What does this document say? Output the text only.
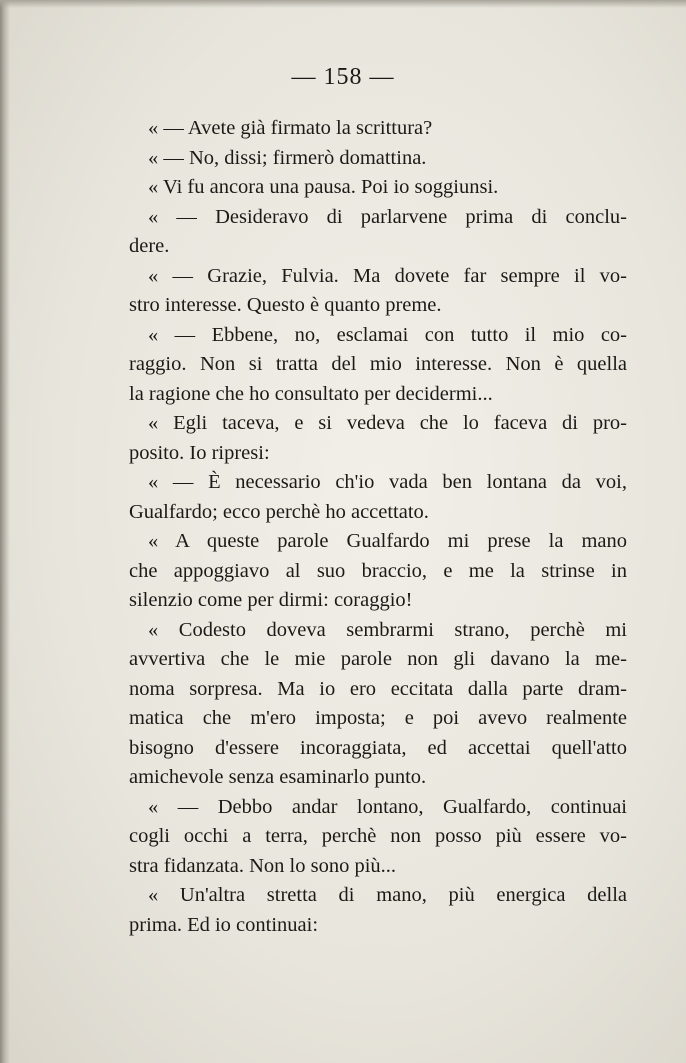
— 158 —
« — Avete già firmato la scrittura?
« — No, dissi; firmerò domattina.
« Vi fu ancora una pausa. Poi io soggiunsi.
« — Desideravo di parlarvene prima di conclu-
dere.
« — Grazie, Fulvia. Ma dovete far sempre il vo-
stro interesse. Questo è quanto preme.
« — Ebbene, no, esclamai con tutto il mio co-
raggio. Non si tratta del mio interesse. Non è quella
la ragione che ho consultato per decidermi...
« Egli taceva, e si vedeva che lo faceva di pro-
posito. Io ripresi:
« — È necessario ch'io vada ben lontana da voi,
Gualfardo; ecco perchè ho accettato.
« A queste parole Gualfardo mi prese la mano
che appoggiavo al suo braccio, e me la strinse in
silenzio come per dirmi: coraggio!
« Codesto doveva sembrarmi strano, perchè mi
avvertiva che le mie parole non gli davano la me-
noma sorpresa. Ma io ero eccitata dalla parte dram-
matica che m'ero imposta; e poi avevo realmente
bisogno d'essere incoraggiata, ed accettai quell'atto
amichevole senza esaminarlo punto.
« — Debbo andar lontano, Gualfardo, continuai
cogli occhi a terra, perchè non posso più essere vo-
stra fidanzata. Non lo sono più...
« Un'altra stretta di mano, più energica della
prima. Ed io continuai:
